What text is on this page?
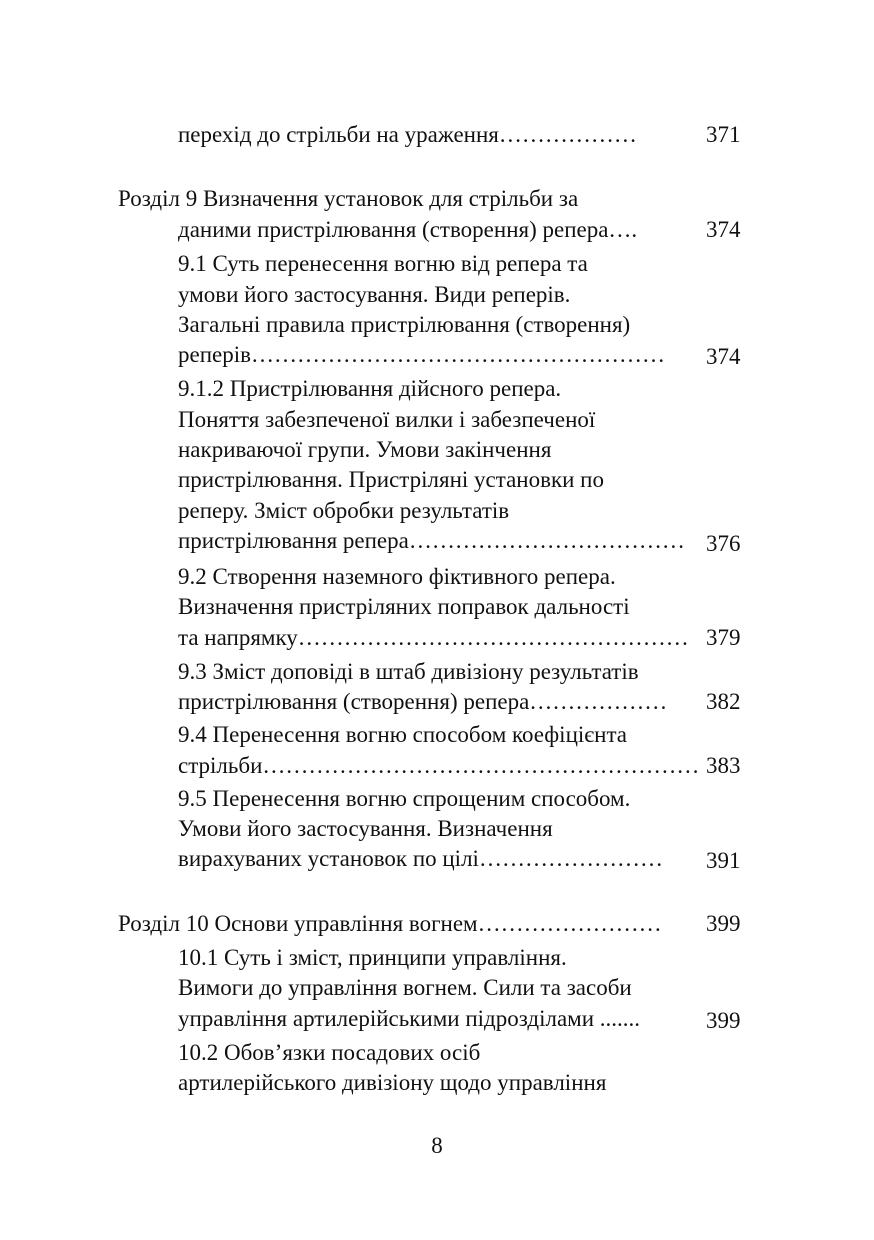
перехід до стрільби на ураження………………	371
Розділ 9 Визначення установок для стрільби за
даними пристрілювання (створення) репера….	374
9.1 Суть перенесення вогню від репера та
умови його застосування. Види реперів.
Загальні правила пристрілювання (створення)
реперів……………………………………………… 374
9.1.2 Пристрілювання дійсного репера.
Поняття забезпеченої вилки і забезпеченої
накриваючої групи. Умови закінчення
пристрілювання. Пристріляні установки по
реперу. Зміст обробки результатів
пристрілювання репера……………………………… 376
9.2 Створення наземного фіктивного репера.
Визначення пристріляних поправок дальності
та напрямку…………………………………………… 379
9.3 Зміст доповіді в штаб дивізіону результатів
пристрілювання (створення) репера……………… 382
9.4 Перенесення вогню способом коефіцієнта
стрільби………………………………………………… 383
9.5 Перенесення вогню спрощеним способом.
Умови його застосування. Визначення
вирахуваних установок по цілі…………………… 391
Розділ 10 Основи управління вогнем…………………… 399
10.1 Суть і зміст, принципи управління.
Вимоги до управління вогнем. Сили та засоби
управління артилерійськими підрозділами .......	399
10.2 Обов’язки посадових осіб
артилерійського дивізіону щодо управління
8
